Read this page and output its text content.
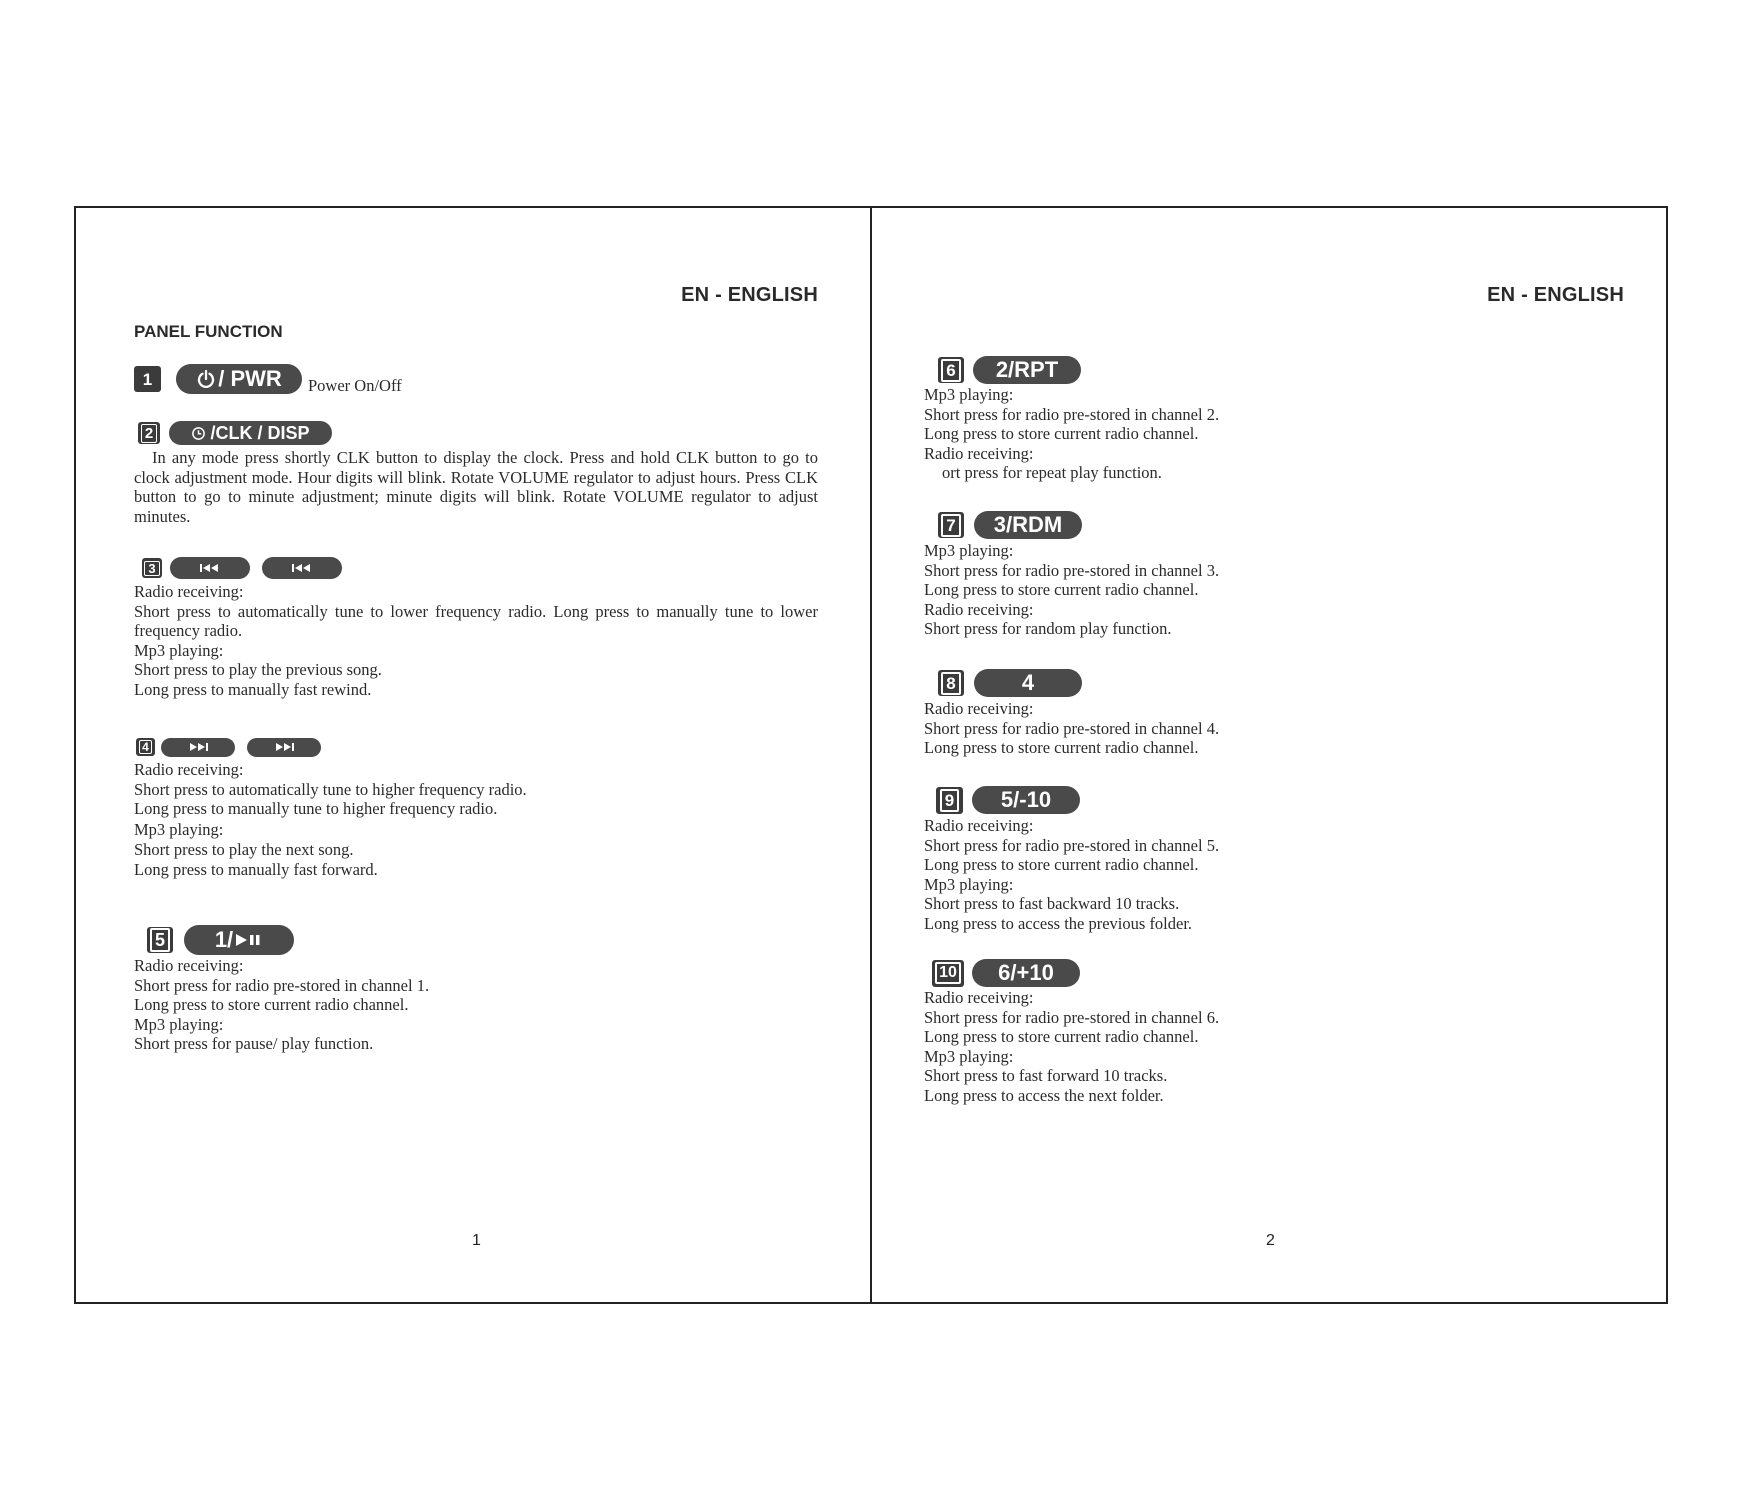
EN - ENGLISH
PANEL FUNCTION
1	/ PWR Power On/Off
2	/CLK / DISP
In any mode press shortly CLK button to display the clock. Press and hold CLK button to go to clock adjustment mode. Hour digits will blink. Rotate VOLUME regulator to adjust hours. Press CLK button to go to minute adjustment; minute digits will blink. Rotate VOLUME regulator to adjust minutes.
3
Radio receiving:
Short press to automatically tune to lower frequency radio. Long press to manually tune to lower frequency radio.
Mp3 playing:
Short press to play the previous song.
Long press to manually fast rewind.
4
Radio receiving:
Short press to automatically tune to higher frequency radio.
Long press to manually tune to higher frequency radio.
Mp3 playing:
Short press to play the next song.
Long press to manually fast forward.
5 1/
Radio receiving:
Short press for radio pre-stored in channel 1.
Long press to store current radio channel.
Mp3 playing:
Short press for pause/ play function.
1
EN - ENGLISH
6	2/RPT
Mp3 playing:
Short press for radio pre-stored in channel 2.
Long press to store current radio channel.
Radio receiving:
ort press for repeat play function.
7	3/RDM
Mp3 playing:
Short press for radio pre-stored in channel 3.
Long press to store current radio channel.
Radio receiving:
Short press for random play function.
8	4
Radio receiving:
Short press for radio pre-stored in channel 4.
Long press to store current radio channel.
9	5/-10
Radio receiving:
Short press for radio pre-stored in channel 5.
Long press to store current radio channel.
Mp3 playing:
Short press to fast backward 10 tracks.
Long press to access the previous folder.
10	6/+10
Radio receiving:
Short press for radio pre-stored in channel 6.
Long press to store current radio channel.
Mp3 playing:
Short press to fast forward 10 tracks.
Long press to access the next folder.
2
